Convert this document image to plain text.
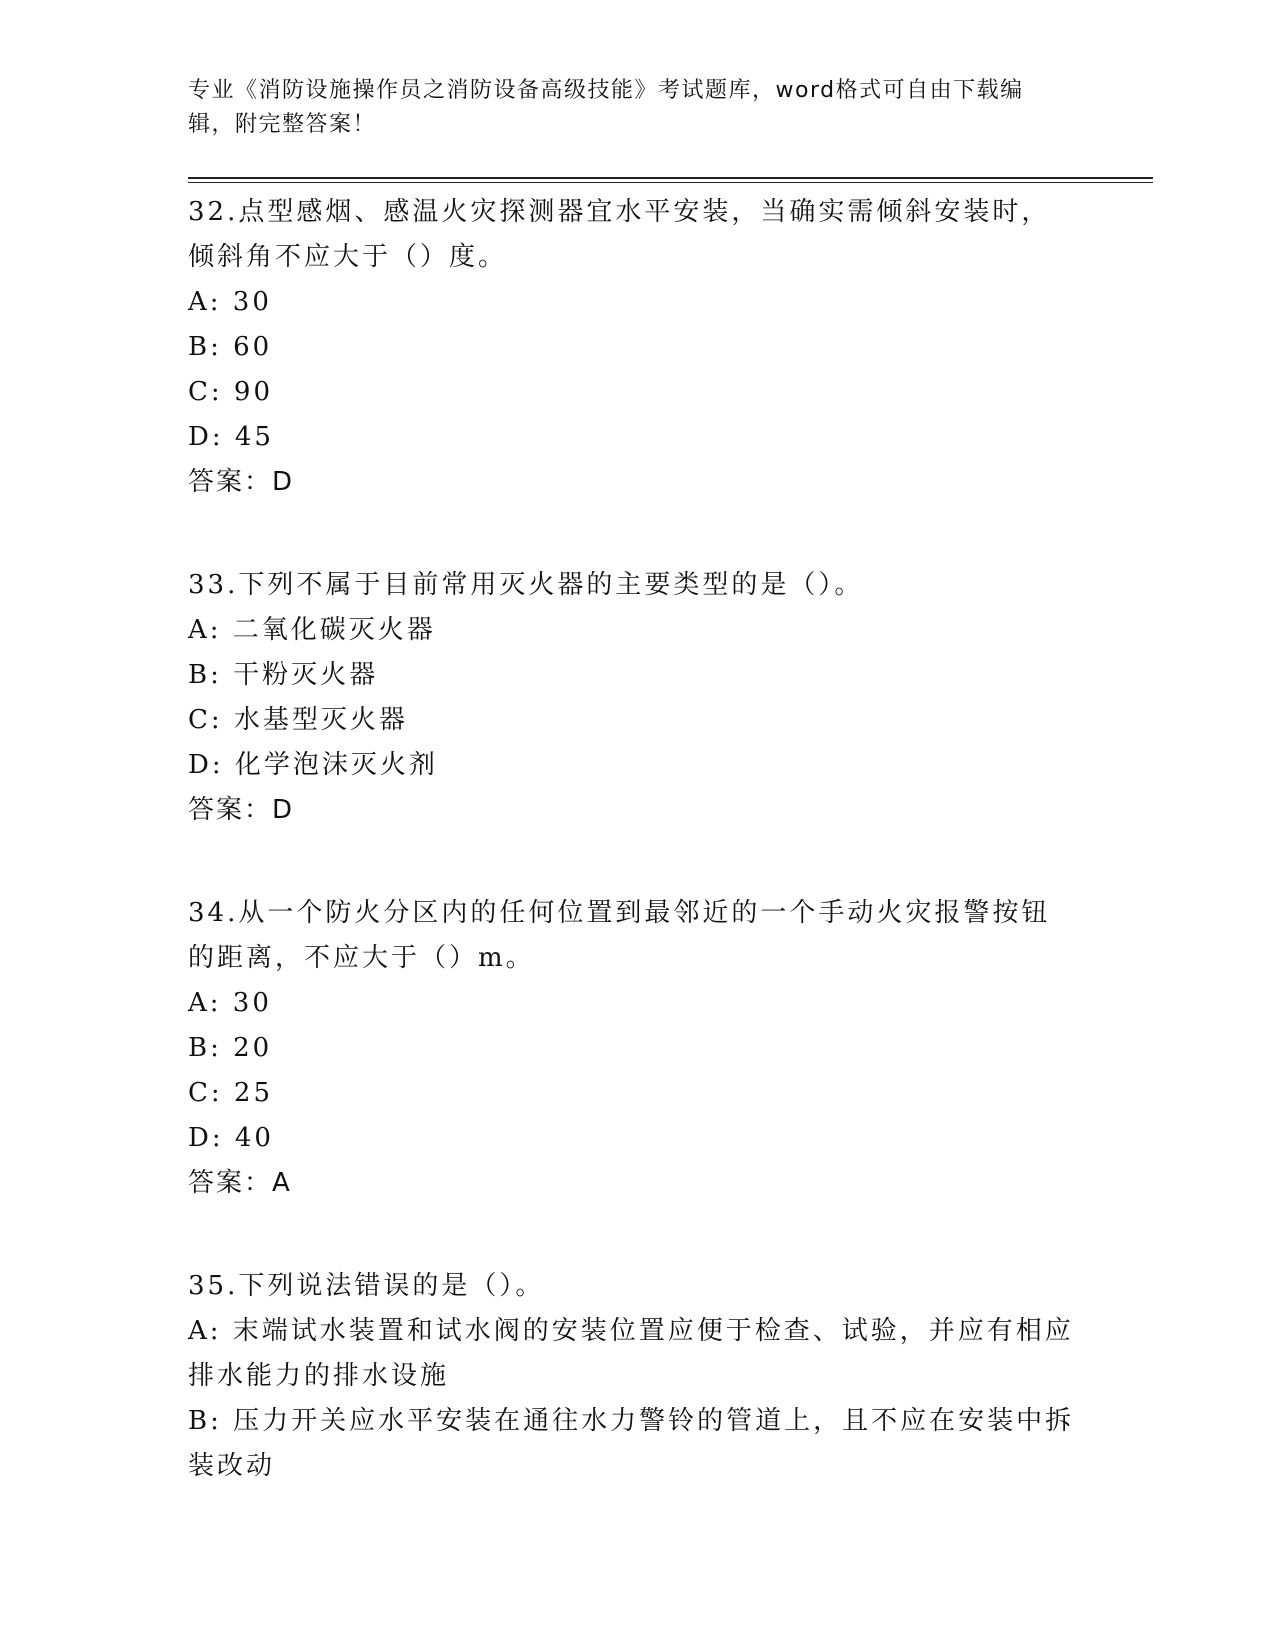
专业《消防设施操作员之消防设备高级技能》考试题库，word格式可自由下载编辑，附完整答案！
32.点型感烟、感温火灾探测器宜水平安装，当确实需倾斜安装时，倾斜角不应大于（）度。
A: 30
B: 60
C: 90
D: 45
答案：D
33.下列不属于目前常用灭火器的主要类型的是（）。
A: 二氧化碳灭火器
B: 干粉灭火器
C: 水基型灭火器
D: 化学泡沫灭火剂
答案：D
34.从一个防火分区内的任何位置到最邻近的一个手动火灾报警按钮的距离，不应大于（）m。
A: 30
B: 20
C: 25
D: 40
答案：A
35.下列说法错误的是（）。
A: 末端试水装置和试水阀的安装位置应便于检查、试验，并应有相应排水能力的排水设施
B: 压力开关应水平安装在通往水力警铃的管道上，且不应在安装中拆装改动
